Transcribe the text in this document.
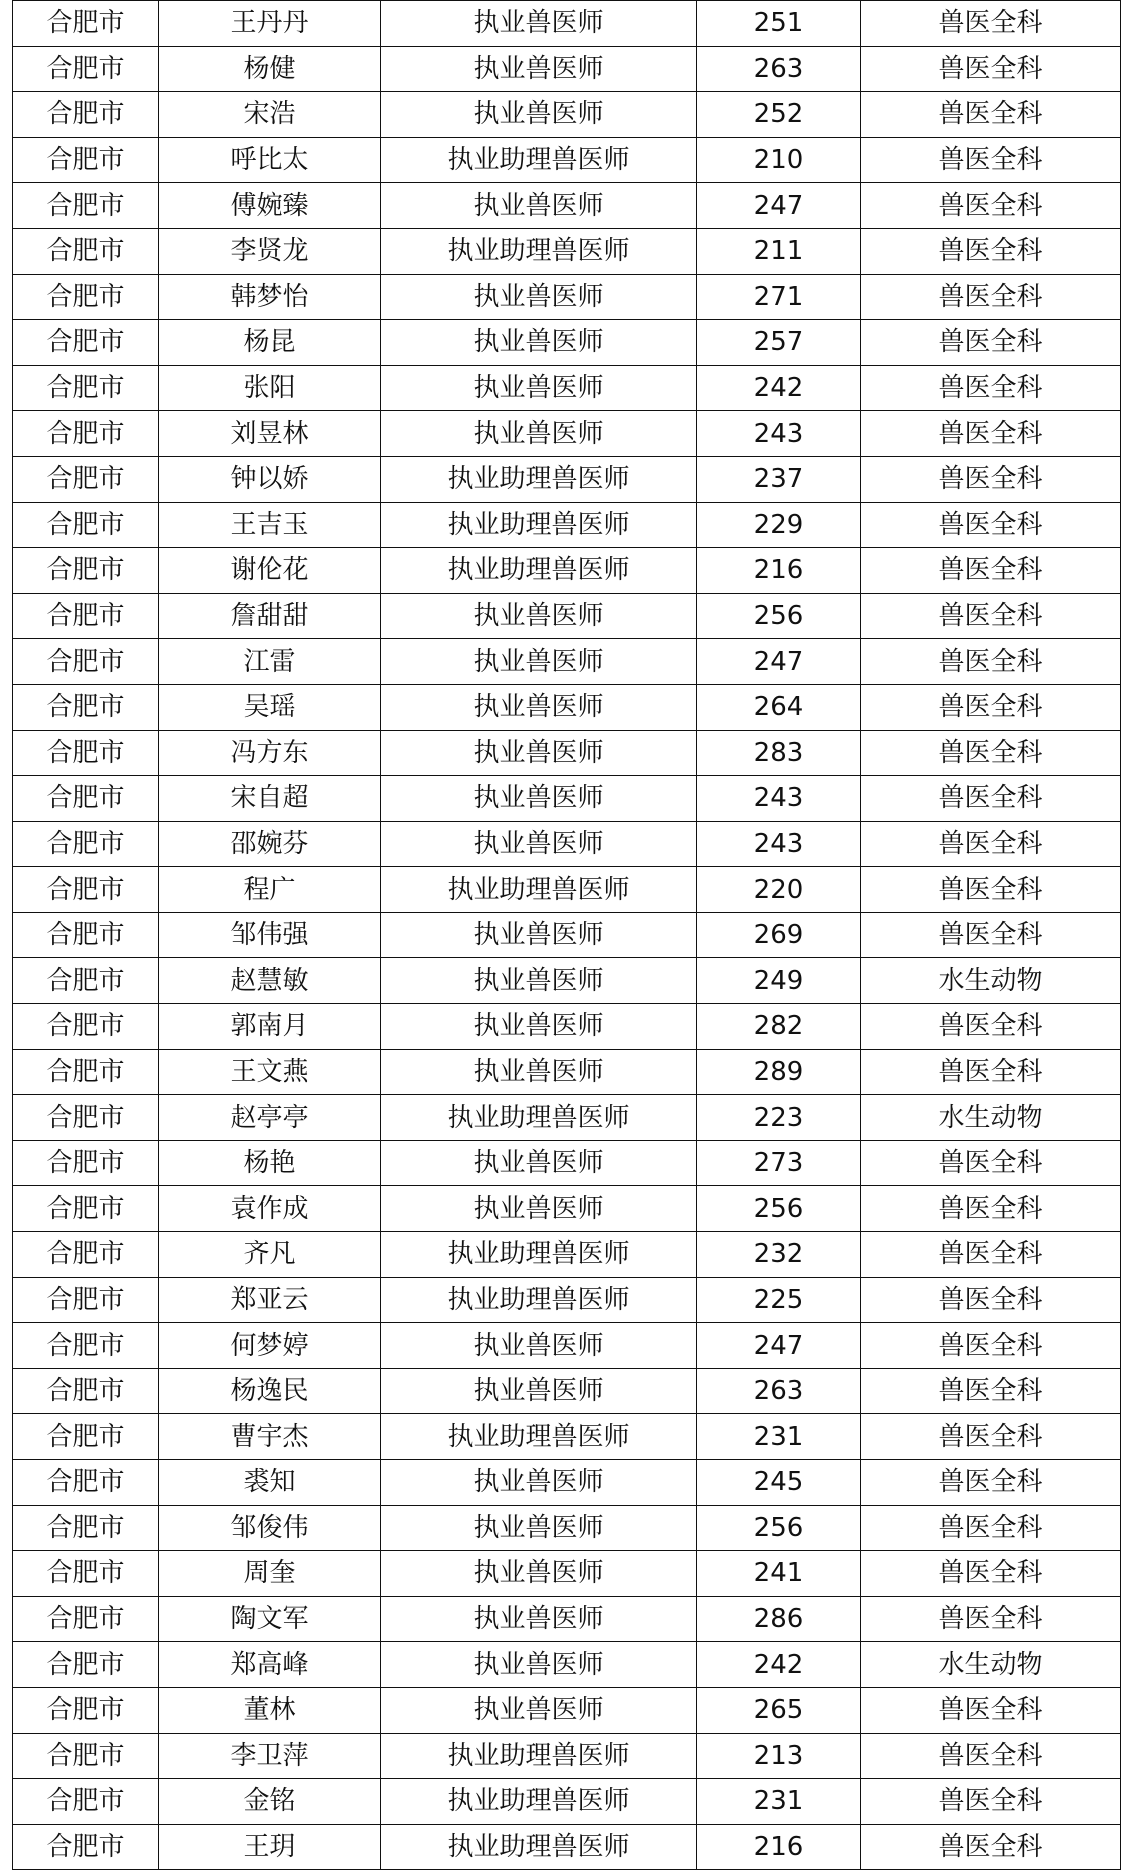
合肥市	王丹丹	执业兽医师	251	兽医全科
合肥市	杨健	执业兽医师	263	兽医全科
合肥市	宋浩	执业兽医师	252	兽医全科
合肥市	呼比太	执业助理兽医师	210	兽医全科
合肥市	傅婉臻	执业兽医师	247	兽医全科
合肥市	李贤龙	执业助理兽医师	211	兽医全科
合肥市	韩梦怡	执业兽医师	271	兽医全科
合肥市	杨昆	执业兽医师	257	兽医全科
合肥市	张阳	执业兽医师	242	兽医全科
合肥市	刘昱林	执业兽医师	243	兽医全科
合肥市	钟以娇	执业助理兽医师	237	兽医全科
合肥市	王吉玉	执业助理兽医师	229	兽医全科
合肥市	谢伦花	执业助理兽医师	216	兽医全科
合肥市	詹甜甜	执业兽医师	256	兽医全科
合肥市	江雷	执业兽医师	247	兽医全科
合肥市	吴瑶	执业兽医师	264	兽医全科
合肥市	冯方东	执业兽医师	283	兽医全科
合肥市	宋自超	执业兽医师	243	兽医全科
合肥市	邵婉芬	执业兽医师	243	兽医全科
合肥市	程广	执业助理兽医师	220	兽医全科
合肥市	邹伟强	执业兽医师	269	兽医全科
合肥市	赵慧敏	执业兽医师	249	水生动物
合肥市	郭南月	执业兽医师	282	兽医全科
合肥市	王文燕	执业兽医师	289	兽医全科
合肥市	赵亭亭	执业助理兽医师	223	水生动物
合肥市	杨艳	执业兽医师	273	兽医全科
合肥市	袁作成	执业兽医师	256	兽医全科
合肥市	齐凡	执业助理兽医师	232	兽医全科
合肥市	郑亚云	执业助理兽医师	225	兽医全科
合肥市	何梦婷	执业兽医师	247	兽医全科
合肥市	杨逸民	执业兽医师	263	兽医全科
合肥市	曹宇杰	执业助理兽医师	231	兽医全科
合肥市	裘知	执业兽医师	245	兽医全科
合肥市	邹俊伟	执业兽医师	256	兽医全科
合肥市	周奎	执业兽医师	241	兽医全科
合肥市	陶文军	执业兽医师	286	兽医全科
合肥市	郑高峰	执业兽医师	242	水生动物
合肥市	董林	执业兽医师	265	兽医全科
合肥市	李卫萍	执业助理兽医师	213	兽医全科
合肥市	金铭	执业助理兽医师	231	兽医全科
合肥市	王玥	执业助理兽医师	216	兽医全科
